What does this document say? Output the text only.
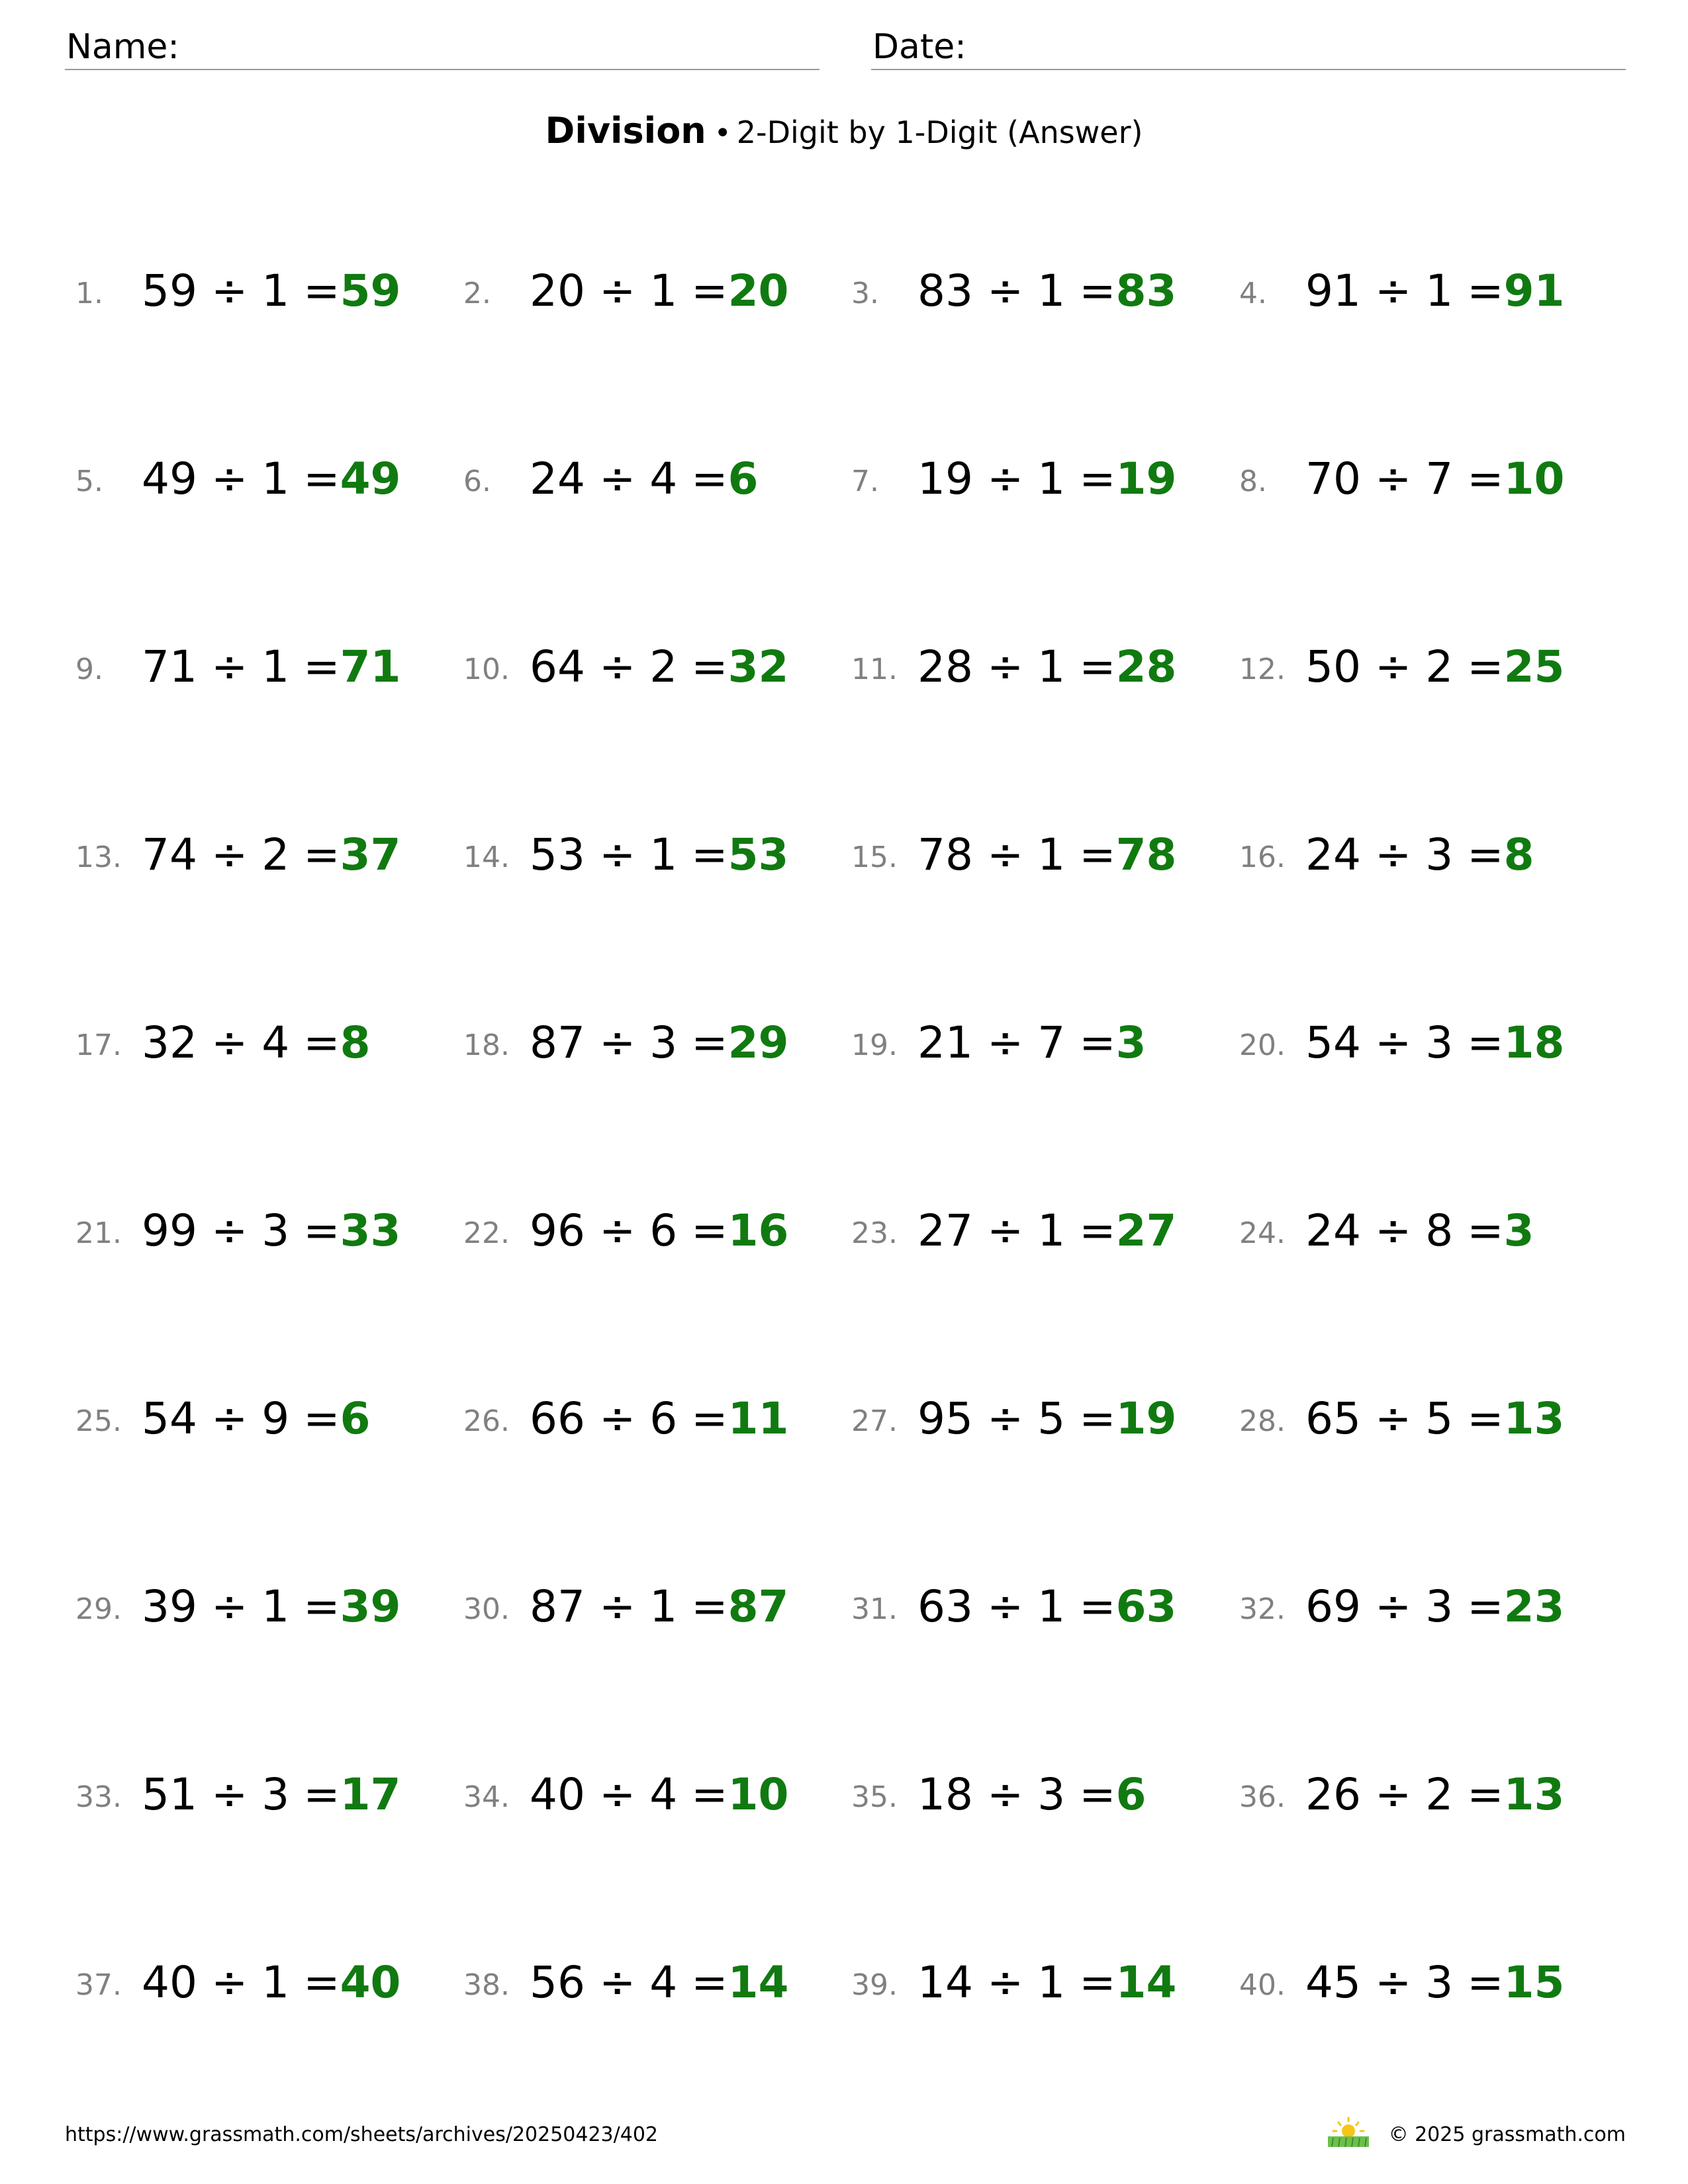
Name:	Date:
Division • 2-Digit by 1-Digit (Answer)
1. 59 ÷ 1 =59 2. 20 ÷ 1 =20 3. 83 ÷ 1 =83 4. 91 ÷ 1 =91
5. 49 ÷ 1 =49 6. 24 ÷ 4 =6	7. 19 ÷ 1 =19 8. 70 ÷ 7 =10
9. 71 ÷ 1 =71 10. 64 ÷ 2 =32 11. 28 ÷ 1 =28 12. 50 ÷ 2 =25
13. 74 ÷ 2 =37 14. 53 ÷ 1 =53 15. 78 ÷ 1 =78 16. 24 ÷ 3 =8
17. 32 ÷ 4 =8	18. 87 ÷ 3 =29 19. 21 ÷ 7 =3	20. 54 ÷ 3 =18
21. 99 ÷ 3 =33 22. 96 ÷ 6 =16 23. 27 ÷ 1 =27 24. 24 ÷ 8 =3
25. 54 ÷ 9 =6	26. 66 ÷ 6 =11 27. 95 ÷ 5 =19 28. 65 ÷ 5 =13
29. 39 ÷ 1 =39 30. 87 ÷ 1 =87 31. 63 ÷ 1 =63 32. 69 ÷ 3 =23
33. 51 ÷ 3 =17 34. 40 ÷ 4 =10 35. 18 ÷ 3 =6	36. 26 ÷ 2 =13
37. 40 ÷ 1 =40 38. 56 ÷ 4 =14 39. 14 ÷ 1 =14 40. 45 ÷ 3 =15
https://www.grassmath.com/sheets/archives/20250423/402	© 2025 grassmath.com
